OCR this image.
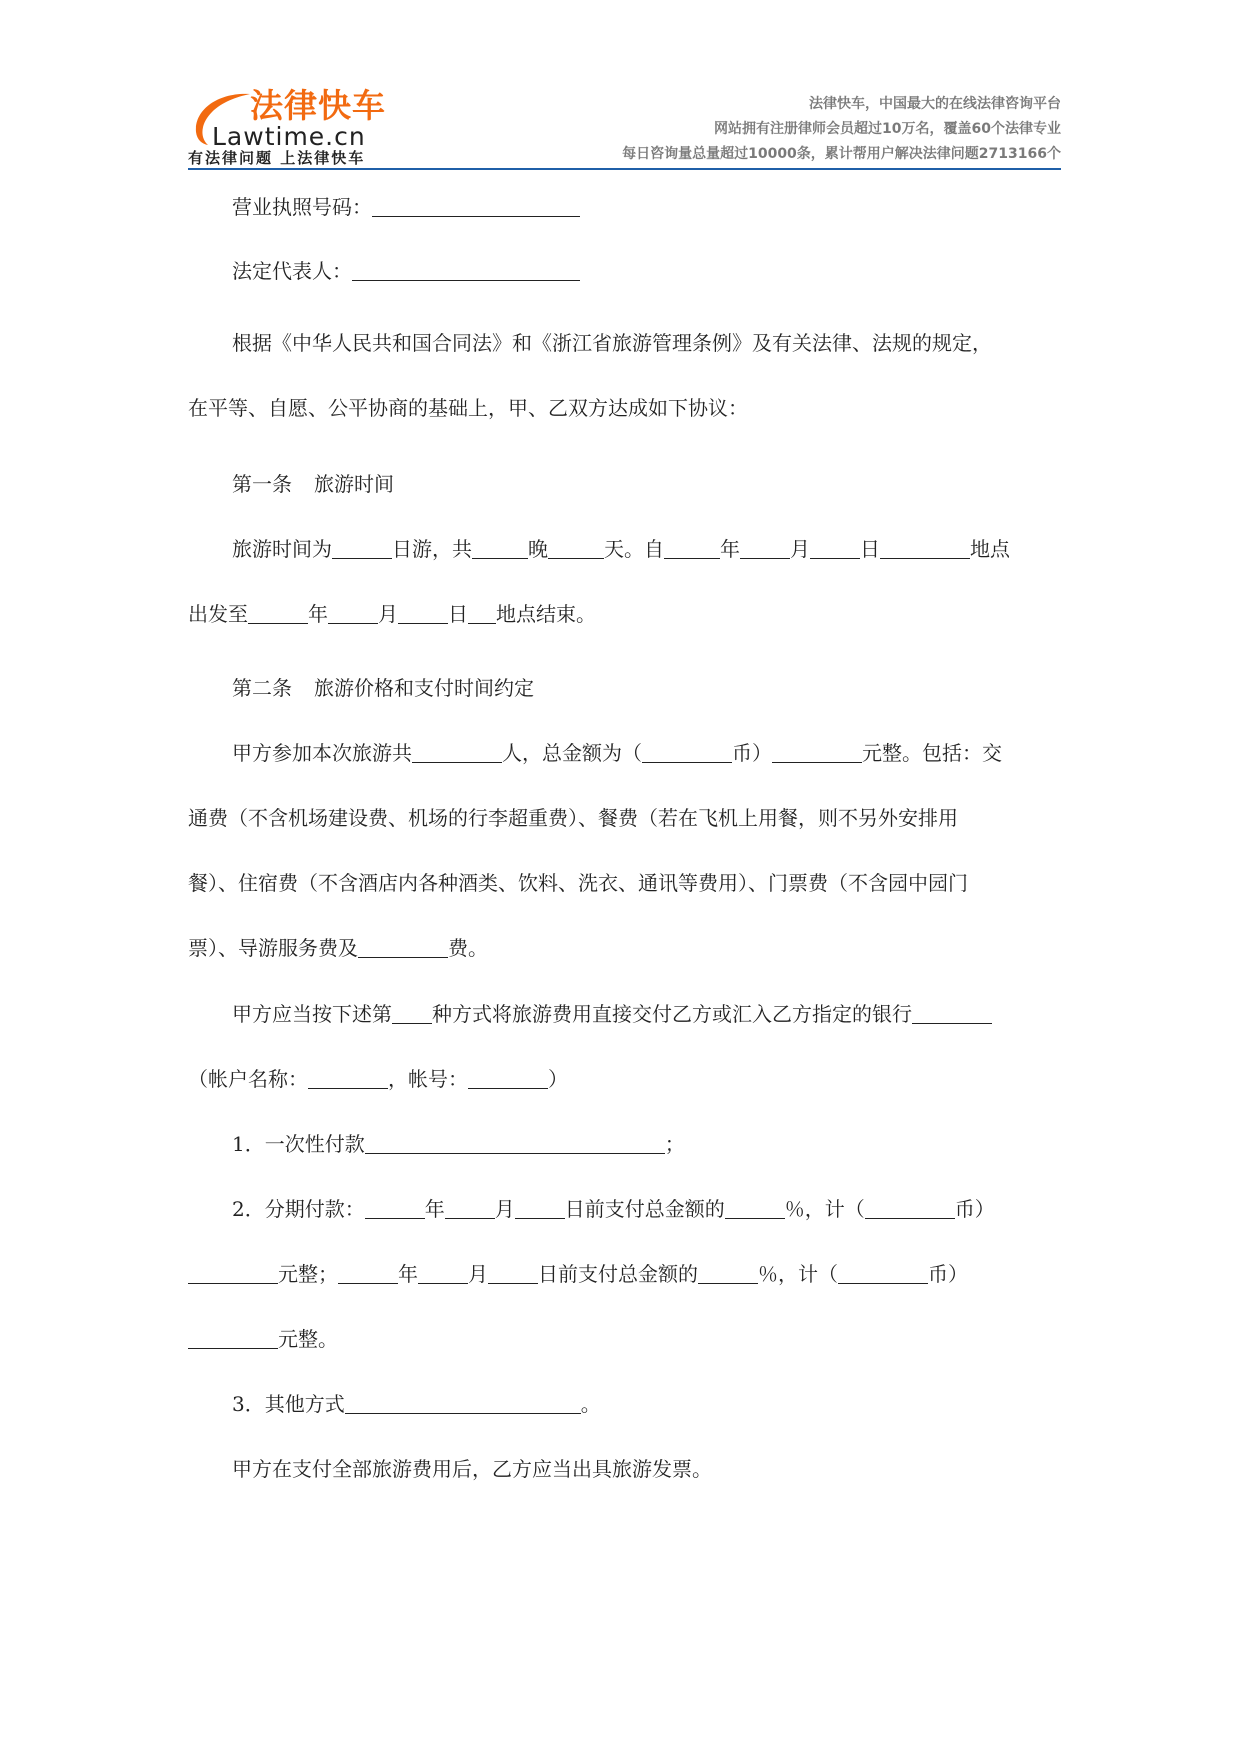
法律快车
Lawtime.cn
有法律问题 上法律快车
法律快车，中国最大的在线法律咨询平台
网站拥有注册律师会员超过10万名，覆盖60个法律专业
每日咨询量总量超过10000条，累计帮用户解决法律问题2713166个
营业执照号码：
法定代表人：
根据《中华人民共和国合同法》和《浙江省旅游管理条例》及有关法律、法规的规定，
在平等、自愿、公平协商的基础上，甲、乙双方达成如下协议：
第一条 旅游时间
旅游时间为	日游，共	晚	天。自	年	月	日	地点
出发至	年	月	日 地点结束。
第二条 旅游价格和支付时间约定
甲方参加本次旅游共	人，总金额为（	币）	元整。包括：交
通费（不含机场建设费、机场的行李超重费）、餐费（若在飞机上用餐，则不另外安排用
餐）、住宿费（不含酒店内各种酒类、饮料、洗衣、通讯等费用）、门票费（不含园中园门
票）、导游服务费及	费。
甲方应当按下述第 种方式将旅游费用直接交付乙方或汇入乙方指定的银行
（帐户名称：	，帐号：	）
1．一次性付款	；
2．分期付款：	年	月	日前支付总金额的	％，计（	币）
元整；	年	月	日前支付总金额的	％，计（	币）
元整。
3．其他方式	。
甲方在支付全部旅游费用后，乙方应当出具旅游发票。
